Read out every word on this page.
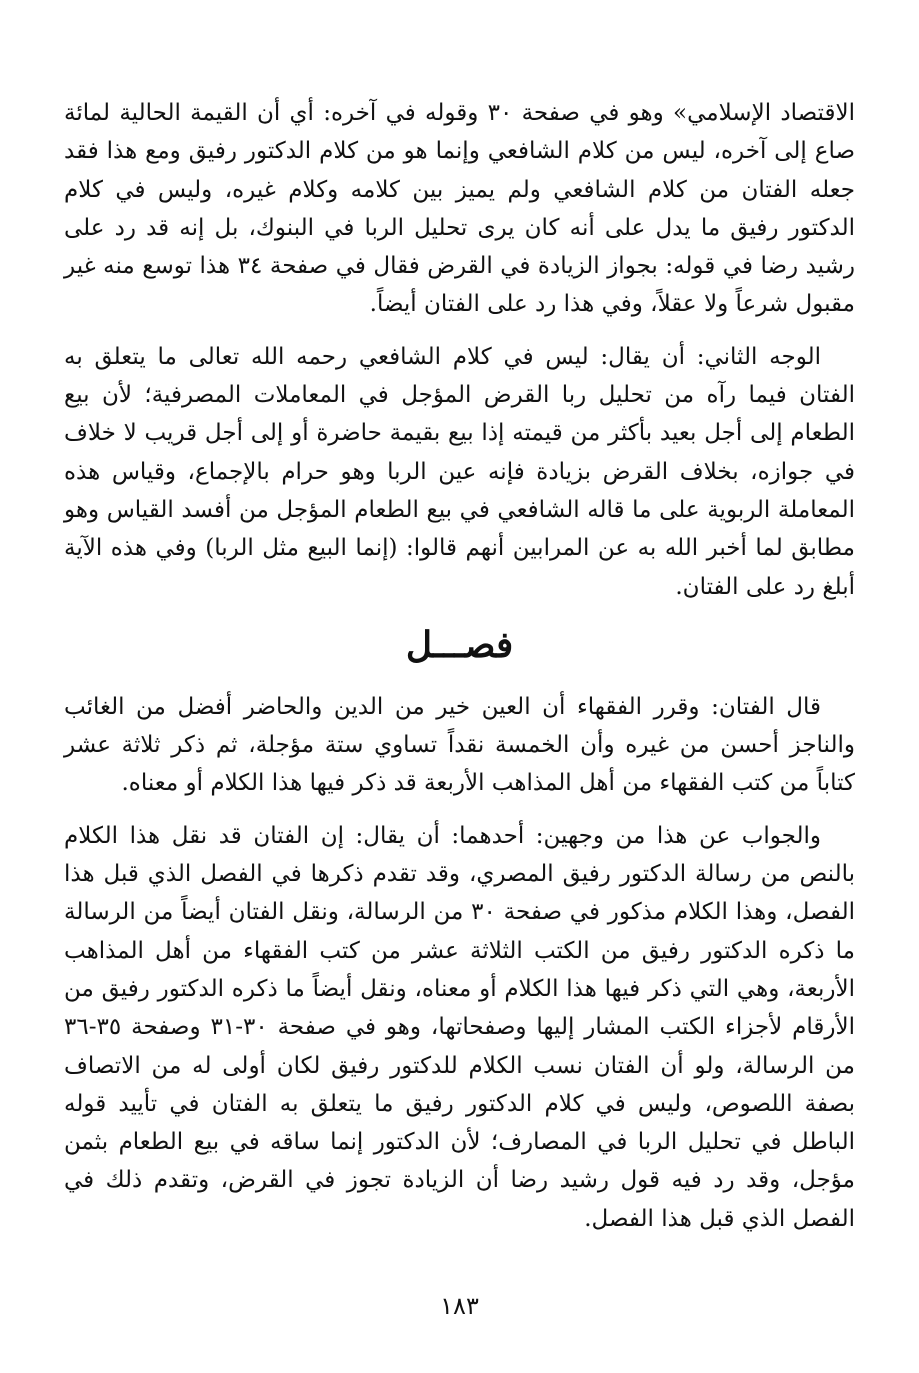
الاقتصاد الإسلامي» وهو في صفحة ٣٠ وقوله في آخره: أي أن القيمة الحالية لمائة صاع إلى آخره، ليس من كلام الشافعي وإنما هو من كلام الدكتور رفيق ومع هذا فقد جعله الفتان من كلام الشافعي ولم يميز بين كلامه وكلام غيره، وليس في كلام الدكتور رفيق ما يدل على أنه كان يرى تحليل الربا في البنوك، بل إنه قد رد على رشيد رضا في قوله: بجواز الزيادة في القرض فقال في صفحة ٣٤ هذا توسع منه غير مقبول شرعاً ولا عقلاً، وفي هذا رد على الفتان أيضاً.

الوجه الثاني: أن يقال: ليس في كلام الشافعي رحمه الله تعالى ما يتعلق به الفتان فيما رآه من تحليل ربا القرض المؤجل في المعاملات المصرفية؛ لأن بيع الطعام إلى أجل بعيد بأكثر من قيمته إذا بيع بقيمة حاضرة أو إلى أجل قريب لا خلاف في جوازه، بخلاف القرض بزيادة فإنه عين الربا وهو حرام بالإجماع، وقياس هذه المعاملة الربوية على ما قاله الشافعي في بيع الطعام المؤجل من أفسد القياس وهو مطابق لما أخبر الله به عن المرابين أنهم قالوا: (إنما البيع مثل الربا) وفي هذه الآية أبلغ رد على الفتان.

فصـــل

قال الفتان: وقرر الفقهاء أن العين خير من الدين والحاضر أفضل من الغائب والناجز أحسن من غيره وأن الخمسة نقداً تساوي ستة مؤجلة، ثم ذكر ثلاثة عشر كتاباً من كتب الفقهاء من أهل المذاهب الأربعة قد ذكر فيها هذا الكلام أو معناه.

والجواب عن هذا من وجهين: أحدهما: أن يقال: إن الفتان قد نقل هذا الكلام بالنص من رسالة الدكتور رفيق المصري، وقد تقدم ذكرها في الفصل الذي قبل هذا الفصل، وهذا الكلام مذكور في صفحة ٣٠ من الرسالة، ونقل الفتان أيضاً من الرسالة ما ذكره الدكتور رفيق من الكتب الثلاثة عشر من كتب الفقهاء من أهل المذاهب الأربعة، وهي التي ذكر فيها هذا الكلام أو معناه، ونقل أيضاً ما ذكره الدكتور رفيق من الأرقام لأجزاء الكتب المشار إليها وصفحاتها، وهو في صفحة ٣٠-٣١ وصفحة ٣٥-٣٦ من الرسالة، ولو أن الفتان نسب الكلام للدكتور رفيق لكان أولى له من الاتصاف بصفة اللصوص، وليس في كلام الدكتور رفيق ما يتعلق به الفتان في تأييد قوله الباطل في تحليل الربا في المصارف؛ لأن الدكتور إنما ساقه في بيع الطعام بثمن مؤجل، وقد رد فيه قول رشيد رضا أن الزيادة تجوز في القرض، وتقدم ذلك في الفصل الذي قبل هذا الفصل.

١٨٣
